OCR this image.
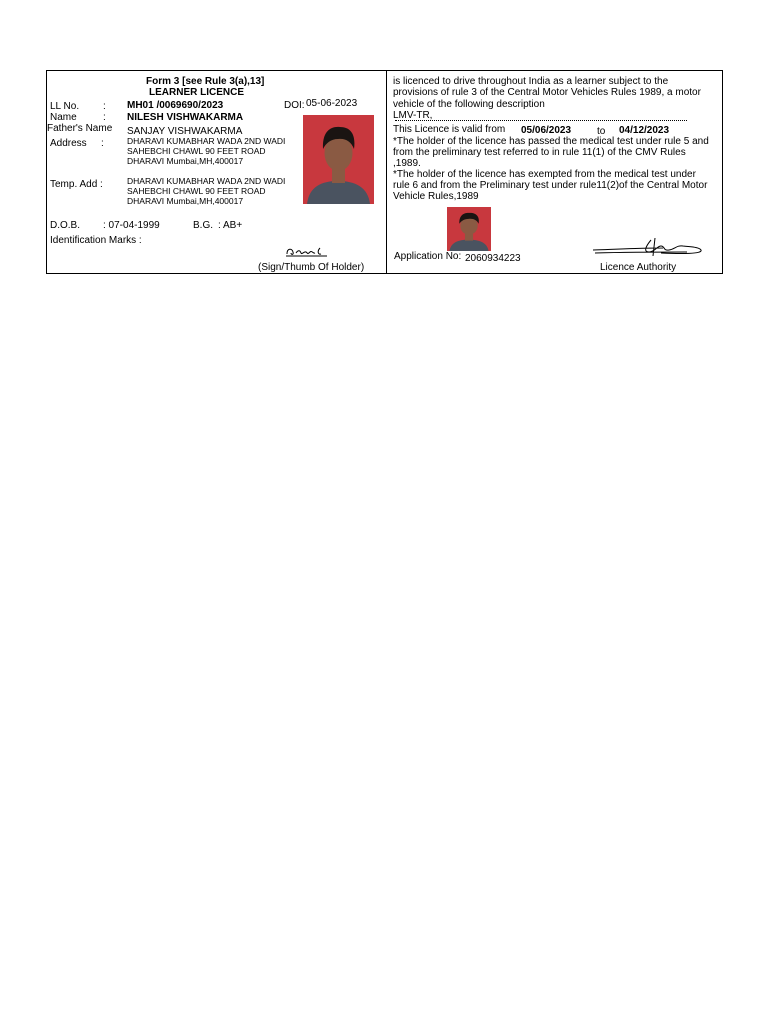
Form 3 [see Rule 3(a),13]
LEARNER LICENCE
LL No. : MH01 /0069690/2023	DOI: 05-06-2023
Name	: NILESH VISHWAKARMA
Father's Name SANJAY VISHWAKARMA
Address :	DHARAVI KUMABHAR WADA 2ND WADI
SAHEBCHI CHAWL 90 FEET ROAD
DHARAVI Mumbai,MH,400017
Temp. Add :	DHARAVI KUMABHAR WADA 2ND WADI
SAHEBCHI CHAWL 90 FEET ROAD
DHARAVI Mumbai,MH,400017
D.O.B. : 07-04-1999	B.G. : AB+
Identification Marks :
(Sign/Thumb Of Holder)
is licenced to drive throughout India as a learner subject to the
provisions of rule 3 of the Central Motor Vehicles Rules 1989, a motor
vehicle of the following description
LMV-TR,
This Licence is valid from 05/06/2023	to 04/12/2023
*The holder of the licence has passed the medical test under rule 5 and
from the preliminary test referred to in rule 11(1) of the CMV Rules
,1989.
*The holder of the licence has exempted from the medical test under
rule 6 and from the Preliminary test under rule11(2)of the Central Motor
Vehicle Rules,1989
Application No: 2060934223
Licence Authority
